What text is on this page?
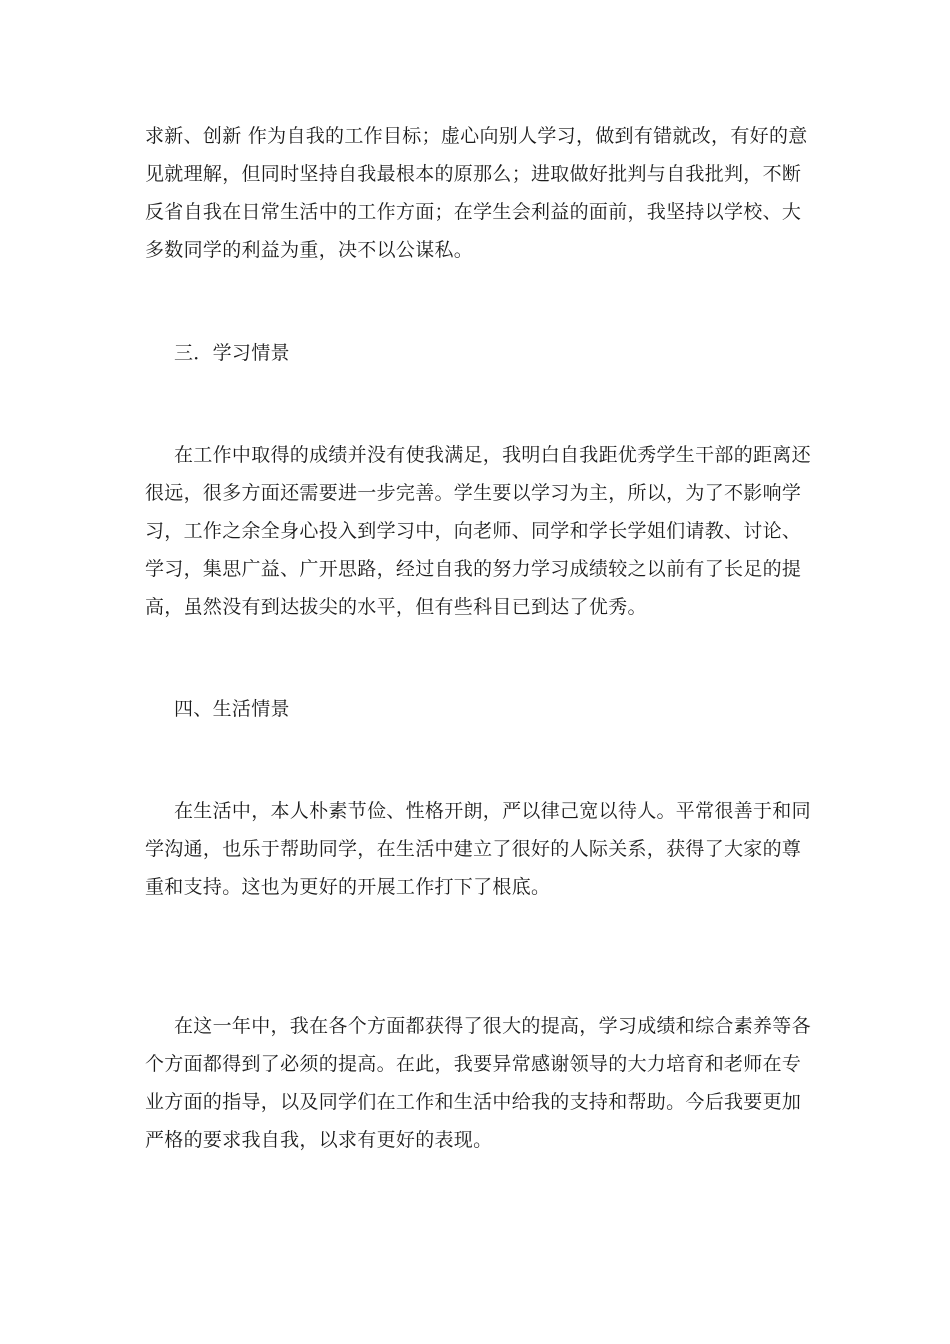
求新、创新 作为自我的工作目标；虚心向别人学习，做到有错就改，有好的意
见就理解，但同时坚持自我最根本的原那么；进取做好批判与自我批判，不断
反省自我在日常生活中的工作方面；在学生会利益的面前，我坚持以学校、大
多数同学的利益为重，决不以公谋私。
三．学习情景
在工作中取得的成绩并没有使我满足，我明白自我距优秀学生干部的距离还
很远，很多方面还需要进一步完善。学生要以学习为主，所以，为了不影响学
习，工作之余全身心投入到学习中，向老师、同学和学长学姐们请教、讨论、
学习，集思广益、广开思路，经过自我的努力学习成绩较之以前有了长足的提
高，虽然没有到达拔尖的水平，但有些科目已到达了优秀。
四、生活情景
在生活中，本人朴素节俭、性格开朗，严以律己宽以待人。平常很善于和同
学沟通，也乐于帮助同学，在生活中建立了很好的人际关系，获得了大家的尊
重和支持。这也为更好的开展工作打下了根底。
在这一年中，我在各个方面都获得了很大的提高，学习成绩和综合素养等各
个方面都得到了必须的提高。在此，我要异常感谢领导的大力培育和老师在专
业方面的指导，以及同学们在工作和生活中给我的支持和帮助。今后我要更加
严格的要求我自我，以求有更好的表现。
